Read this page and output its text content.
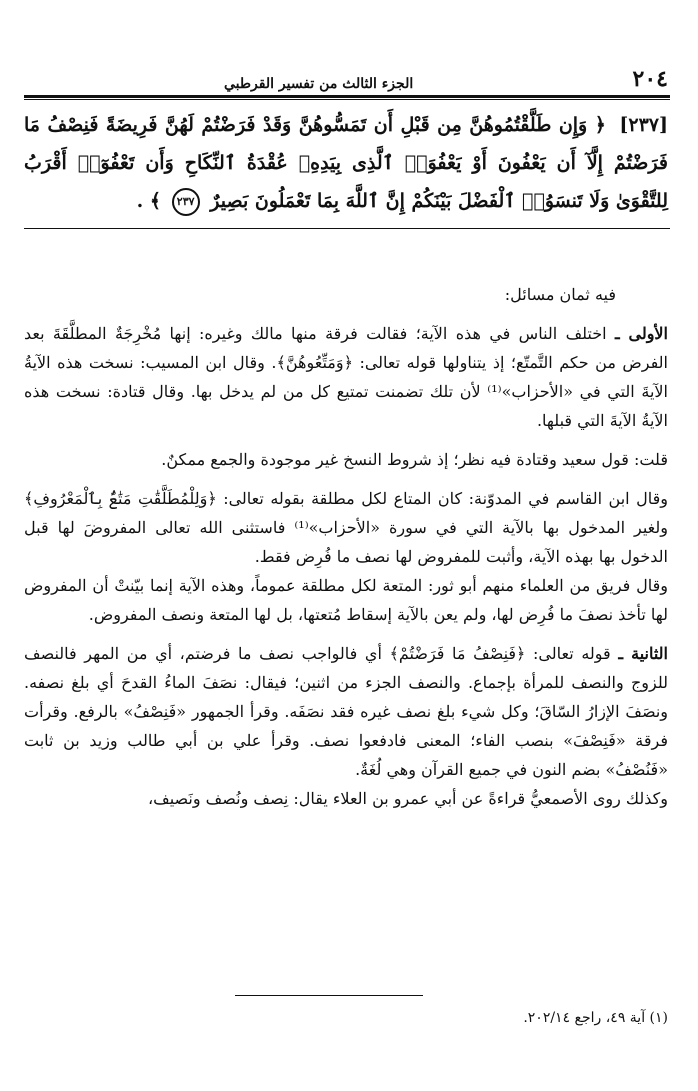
٢٠٤
الجزء الثالث من تفسير القرطبي
[٢٣٧] ﴿ وَإِن طَلَّقْتُمُوهُنَّ مِن قَبْلِ أَن تَمَسُّوهُنَّ وَقَدْ فَرَضْتُمْ لَهُنَّ فَرِيضَةً فَنِصْفُ مَا فَرَضْتُمْ إِلَّآ أَن يَعْفُونَ أَوْ يَعْفُوَا۟ ٱلَّذِى بِيَدِهِۦ عُقْدَةُ ٱلنِّكَاحِ وَأَن تَعْفُوٓا۟ أَقْرَبُ لِلتَّقْوَىٰ وَلَا تَنسَوُا۟ ٱلْفَضْلَ بَيْنَكُمْ إِنَّ ٱللَّهَ بِمَا تَعْمَلُونَ بَصِيرٌ ٢٣٧ ﴾ .

فيه ثمان مسائل:

الأولى ـ اختلف الناس في هذه الآية؛ فقالت فرقة منها مالك وغيره: إنها مُخْرِجَةٌ المطلَّقَةَ بعد الفرض من حكم التَّمتّع؛ إذ يتناولها قوله تعالى: ﴿وَمَتِّعُوهُنَّ﴾. وقال ابن المسيب: نسخت هذه الآيةُ الآيةَ التي في «الأحزاب»⁽¹⁾ لأن تلك تضمنت تمتيع كل من لم يدخل بها. وقال قتادة: نسخت هذه الآيةُ الآيةَ التي قبلها.

قلت: قول سعيد وقتادة فيه نظر؛ إذ شروط النسخ غير موجودة والجمع ممكنٌ.

وقال ابن القاسم في المدوّنة: كان المتاع لكل مطلقة بقوله تعالى: ﴿وَلِلْمُطَلَّقَٰتِ مَتَٰعٌۢ بِٱلْمَعْرُوفِ﴾ ولغير المدخول بها بالآية التي في سورة «الأحزاب»⁽¹⁾ فاستثنى الله تعالى المفروضَ لها قبل الدخول بها بهذه الآية، وأثبت للمفروض لها نصف ما فُرِض فقط.

وقال فريق من العلماء منهم أبو ثور: المتعة لكل مطلقة عموماً، وهذه الآية إنما بيّنتْ أن المفروض لها تأخذ نصفَ ما فُرِض لها، ولم يعن بالآية إسقاط مُتعتها، بل لها المتعة ونصف المفروض.

الثانية ـ قوله تعالى: ﴿فَنِصْفُ مَا فَرَضْتُمْ﴾ أي فالواجب نصف ما فرضتم، أي من المهر فالنصف للزوج والنصف للمرأة بإجماع. والنصف الجزء من اثنين؛ فيقال: نصَفَ الماءُ القدحَ أي بلغ نصفه. ونصَفَ الإزارُ السّاقَ؛ وكل شيء بلغ نصف غيره فقد نصَفَه. وقرأ الجمهور «فَنِصْفُ» بالرفع. وقرأت فرقة «فَنِصْفَ» بنصب الفاء؛ المعنى فادفعوا نصف. وقرأ علي بن أبي طالب وزيد بن ثابت «فَنُصْفُ» بضم النون في جميع القرآن وهي لُغَةٌ.

وكذلك روى الأصمعيُّ قراءةً عن أبي عمرو بن العلاء يقال: نِصف ونُصف ونَصيف،

(١) آية ٤٩، راجع ٢٠٢/١٤.
